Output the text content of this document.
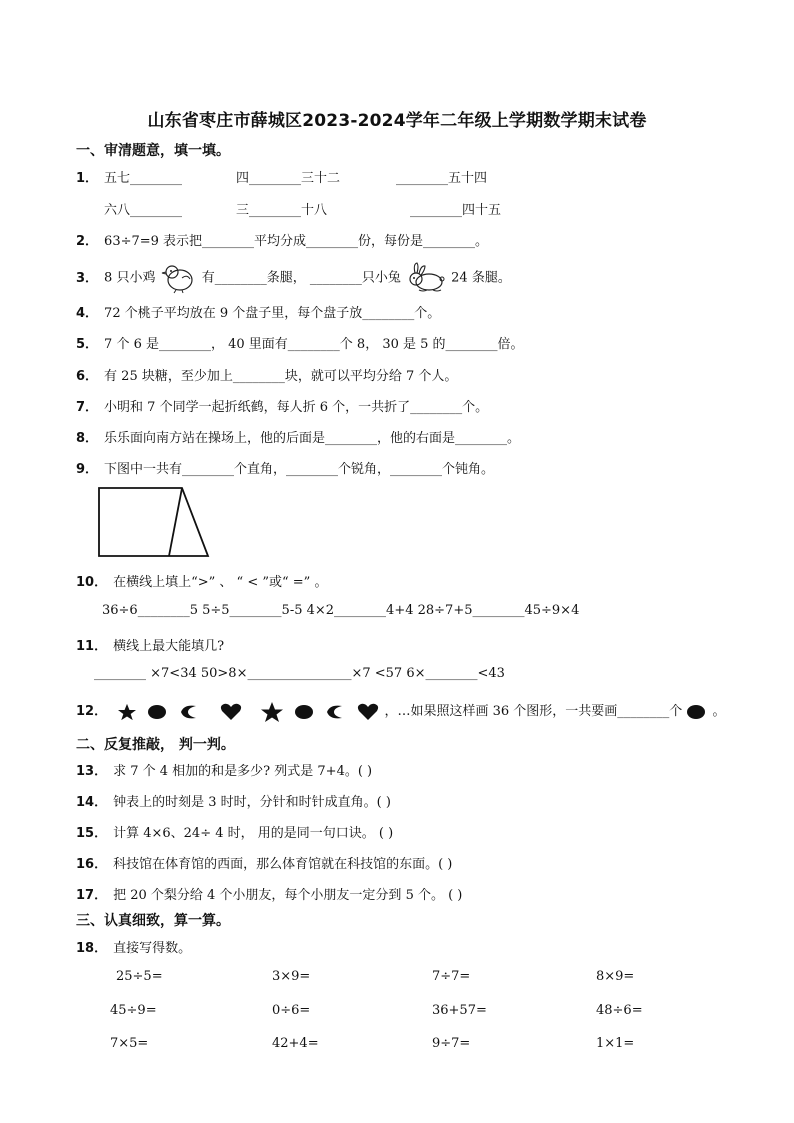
山东省枣庄市薛城区2023-2024学年二年级上学期数学期末试卷
一、审清题意，填一填。
1． 五七________	四________三十二	________五十四
六八________	三________十八	________四十五
2． 63÷7=9 表示把________平均分成________份，每份是________。
3． 8 只小鸡	有________条腿， ________只小兔	24 条腿。
4． 72 个桃子平均放在 9 个盘子里，每个盘子放________个。
5． 7 个 6 是________， 40 里面有________个 8， 30 是 5 的________倍。
6． 有 25 块糖，至少加上________块，就可以平均分给 7 个人。
7． 小明和 7 个同学一起折纸鹤，每人折 6 个，一共折了________个。
8． 乐乐面向南方站在操场上，他的后面是________，他的右面是________。
9． 下图中一共有________个直角，________个锐角，________个钝角。
10． 在横线上填上“>” 、 “ < ”或“ =” 。
36÷6________5 5÷5________5-5 4×2________4+4 28÷7+5________45÷9×4
11． 横线上最大能填几?
________ ×7<34 50>8×________________×7 <57 6×________<43
12．	，…如果照这样画 36 个图形，一共要画________个 。
二、反复推敲， 判一判。
13． 求 7 个 4 相加的和是多少? 列式是 7+4。( )
14． 钟表上的时刻是 3 时时，分针和时针成直角。( )
15． 计算 4×6、24÷ 4 时， 用的是同一句口诀。 ( )
16． 科技馆在体育馆的西面，那么体育馆就在科技馆的东面。( )
17． 把 20 个梨分给 4 个小朋友，每个小朋友一定分到 5 个。 ( )
三、认真细致，算一算。
18． 直接写得数。
25÷5=	3×9=	7÷7=	8×9=
45÷9=	0÷6=	36+57=	48÷6=
7×5=	42+4=	9÷7=	1×1=
